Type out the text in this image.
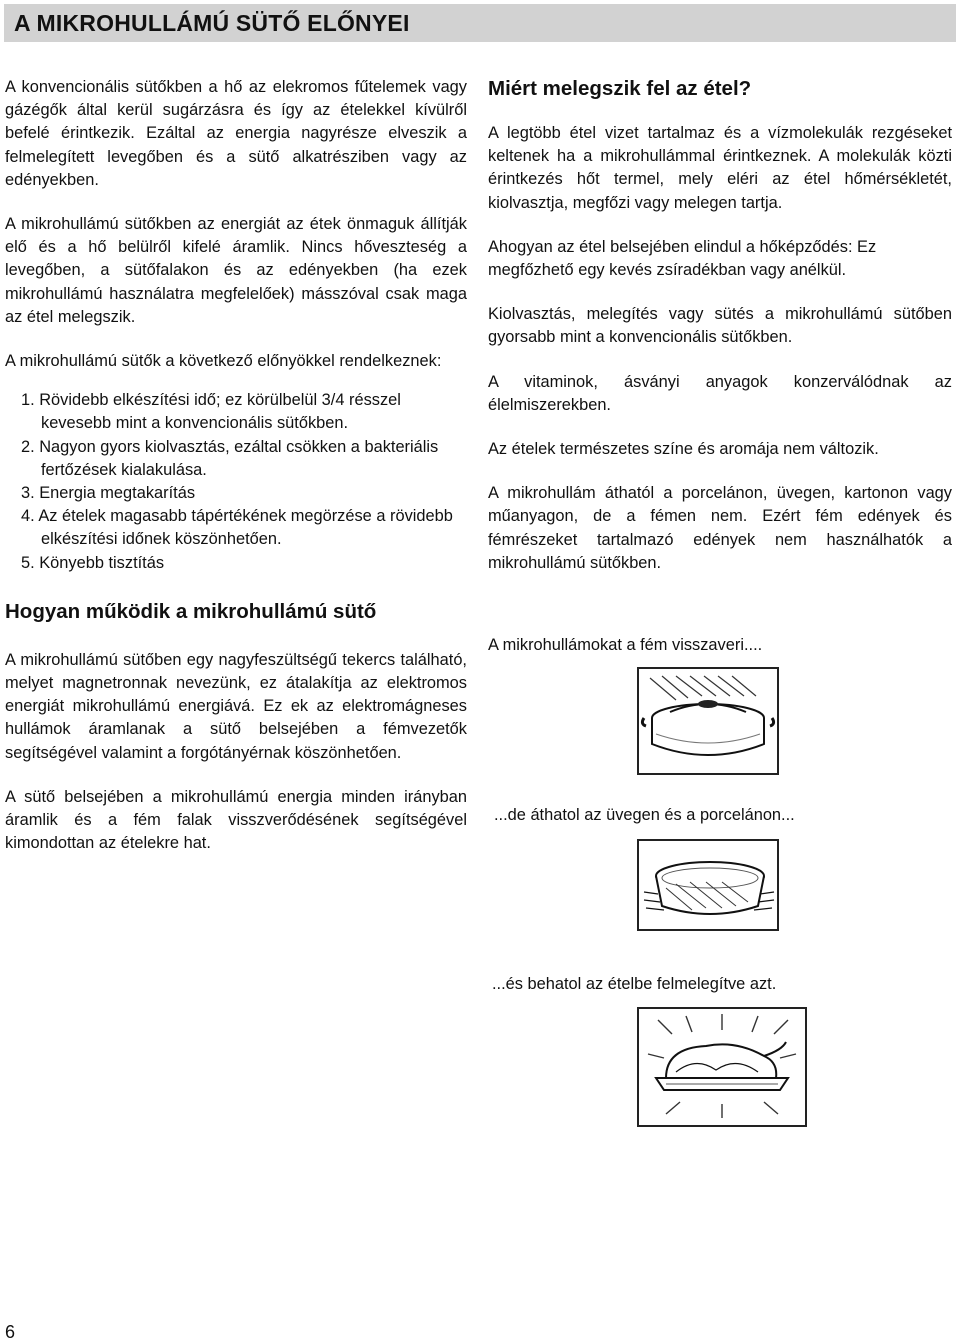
A MIKROHULLÁMÚ SÜTŐ ELŐNYEI

A konvencionális sütőkben a hő az elekromos fűtelemek vagy gázégők által kerül sugárzásra és így az ételekkel kívülről befelé érintkezik. Ezáltal az energia nagyrésze elveszik a felmelegített levegőben és a sütő alkatrésziben vagy az edényekben.

A mikrohullámú sütőkben az energiát az étek önmaguk állítják elő és a hő belülről kifelé áramlik. Nincs hőveszteség a levegőben, a sütőfalakon és az edényekben (ha ezek mikrohullámú használatra megfelelőek) másszóval csak maga az étel melegszik.

A mikrohullámú sütők a következő előnyökkel rendelkeznek:

1. Rövidebb elkészítési idő; ez körülbelül 3/4 résszel kevesebb mint a konvencionális sütőkben.
2. Nagyon gyors kiolvasztás, ezáltal csökken a bakteriális fertőzések kialakulása.
3. Energia megtakarítás
4. Az ételek magasabb tápértékének megörzése a rövidebb elkészítési időnek köszönhetően.
5. Könyebb tisztítás
Hogyan működik a mikrohullámú sütő

A mikrohullámú sütőben egy nagyfeszültségű tekercs található, melyet magnetronnak nevezünk, ez átalakítja az elektromos energiát mikrohullámú energiává. Ez ek az elektromágneses hullámok áramlanak a sütő belsejében a fémvezetők segítségével valamint a forgótányérnak köszönhetően.

A sütő belsejében a mikrohullámú energia minden irányban áramlik és a fém falak visszverődésének segítségével kimondottan az ételekre hat.

Miért melegszik fel az étel?

A legtöbb étel vizet tartalmaz és a vízmolekulák rezgéseket keltenek ha a mikrohullámmal érintkeznek. A molekulák közti érintkezés hőt termel, mely eléri az étel hőmérsékletét, kiolvasztja, megfőzi vagy melegen tartja.

Ahogyan az étel belsejében elindul a hőképződés: Ez megfőzhető egy kevés zsíradékban vagy anélkül.

Kiolvasztás, melegítés vagy sütés a mikrohullámú sütőben gyorsabb mint a konvencionális sütőkben.

A vitaminok, ásványi anyagok konzerválódnak az élelmiszerekben.

Az ételek természetes színe és aromája nem változik.

A mikrohullám áthatól a porcelánon, üvegen, kartonon vagy műanyagon, de a fémen nem. Ezért fém edények és fémrészeket tartalmazó edények nem használhatók a mikrohullámú sütőkben.

A mikrohullámokat a fém visszaveri....
...de áthatol az üvegen és a porcelánon...
...és behatol az ételbe felmelegítve azt.
6
